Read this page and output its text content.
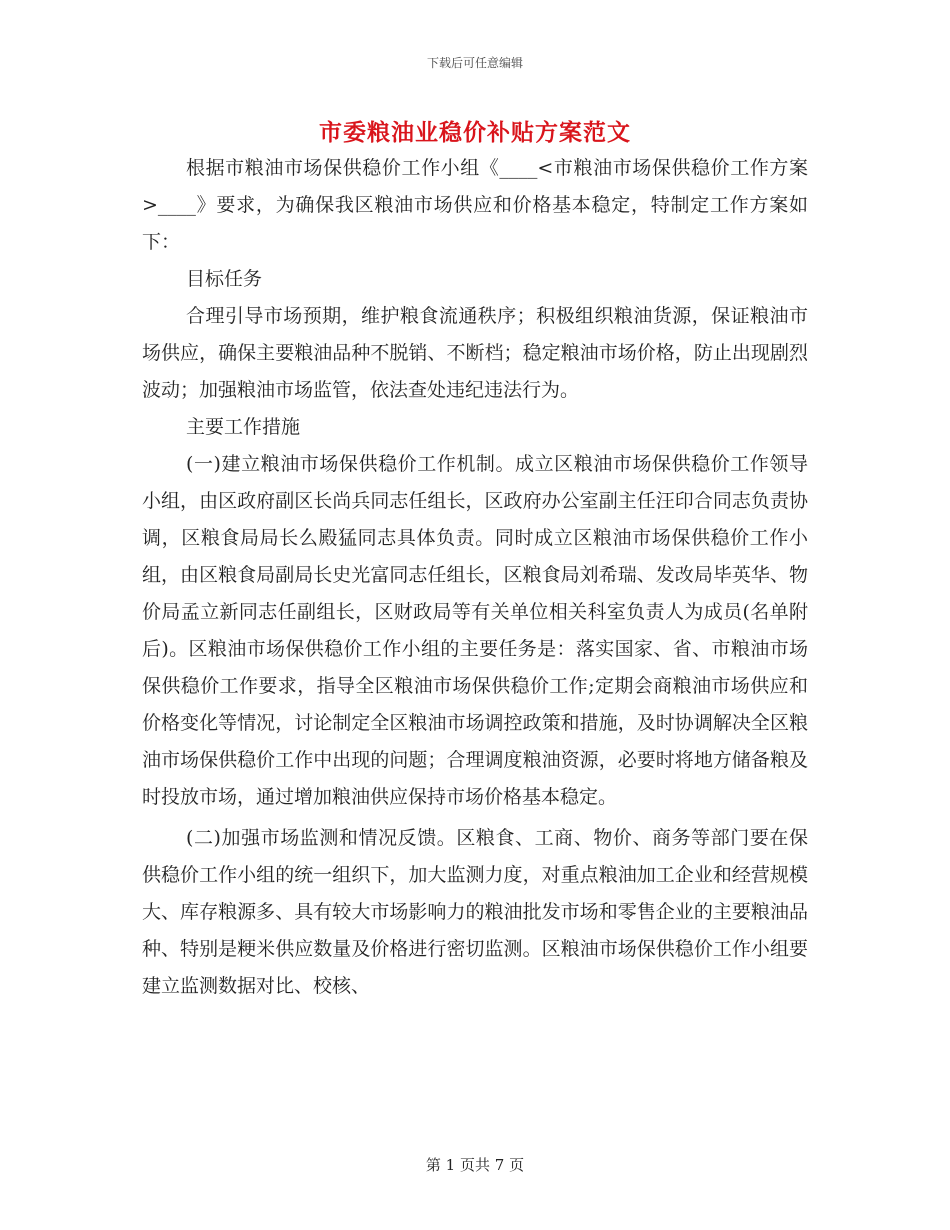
下载后可任意编辑
市委粮油业稳价补贴方案范文

根据市粮油市场保供稳价工作小组《____<市粮油市场保供稳价工作方案>____》要求，为确保我区粮油市场供应和价格基本稳定，特制定工作方案如下：

目标任务

合理引导市场预期，维护粮食流通秩序；积极组织粮油货源，保证粮油市场供应，确保主要粮油品种不脱销、不断档；稳定粮油市场价格，防止出现剧烈波动；加强粮油市场监管，依法查处违纪违法行为。

主要工作措施

(一)建立粮油市场保供稳价工作机制。成立区粮油市场保供稳价工作领导小组，由区政府副区长尚兵同志任组长，区政府办公室副主任汪印合同志负责协调，区粮食局局长么殿猛同志具体负责。同时成立区粮油市场保供稳价工作小组，由区粮食局副局长史光富同志任组长，区粮食局刘希瑞、发改局毕英华、物价局孟立新同志任副组长，区财政局等有关单位相关科室负责人为成员(名单附后)。区粮油市场保供稳价工作小组的主要任务是：落实国家、省、市粮油市场保供稳价工作要求，指导全区粮油市场保供稳价工作;定期会商粮油市场供应和价格变化等情况，讨论制定全区粮油市场调控政策和措施，及时协调解决全区粮油市场保供稳价工作中出现的问题；合理调度粮油资源，必要时将地方储备粮及时投放市场，通过增加粮油供应保持市场价格基本稳定。

(二)加强市场监测和情况反馈。区粮食、工商、物价、商务等部门要在保供稳价工作小组的统一组织下，加大监测力度，对重点粮油加工企业和经营规模大、库存粮源多、具有较大市场影响力的粮油批发市场和零售企业的主要粮油品种、特别是粳米供应数量及价格进行密切监测。区粮油市场保供稳价工作小组要建立监测数据对比、校核、

第 1 页共 7 页
